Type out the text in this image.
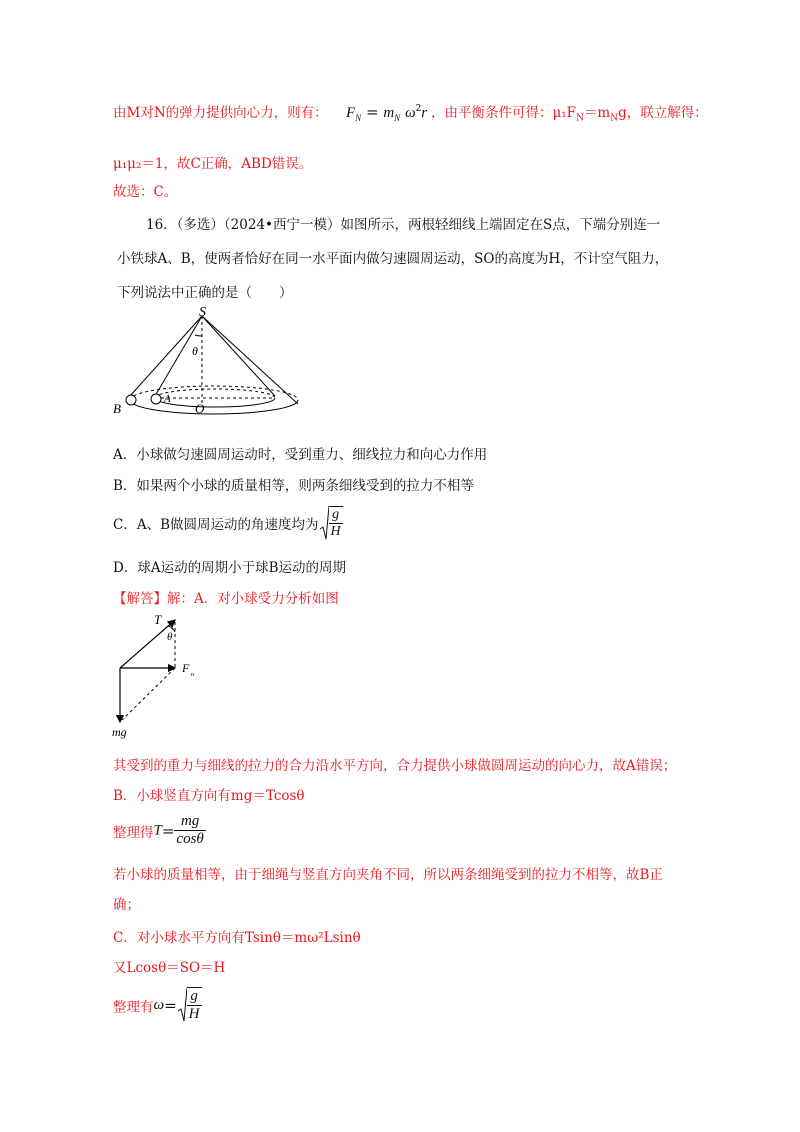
由M对N的弹力提供向心力，则有： $F_N = m_N$ $\omega^2r$ ，由平衡条件可得：$\mu_1F_N=m_Ng$，联立解得：
μ₁μ₂＝1，故C正确，ABD错误。
故选：C。
16．（多选）（2024•西宁一模）如图所示，两根轻细线上端固定在S点，下端分别连一
小铁球A、B，使两者恰好在同一水平面内做匀速圆周运动，SO的高度为H，不计空气阻力，
下列说法中正确的是（　　）
S
θ
B
A
O
A．小球做匀速圆周运动时，受到重力、细线拉力和向心力作用
B．如果两个小球的质量相等，则两条细线受到的拉力不相等
C．A、B做圆周运动的角速度均为 $\frac{g}{H}$
D．球A运动的周期小于球B运动的周期
【解答】解：A．对小球受力分析如图
T
θ
F n
mg
其受到的重力与细线的拉力的合力沿水平方向，合力提供小球做圆周运动的向心力，故A错误；
B．小球竖直方向有mg＝Tcosθ
整理得$T= \frac{mg}{\cos\theta}$
若小球的质量相等，由于细绳与竖直方向夹角不同，所以两条细绳受到的拉力不相等，故B正
确；
C．对小球水平方向有Tsinθ＝mω²Lsinθ
又Lcosθ＝SO＝H
整理有$\omega= \frac{g}{H}$
